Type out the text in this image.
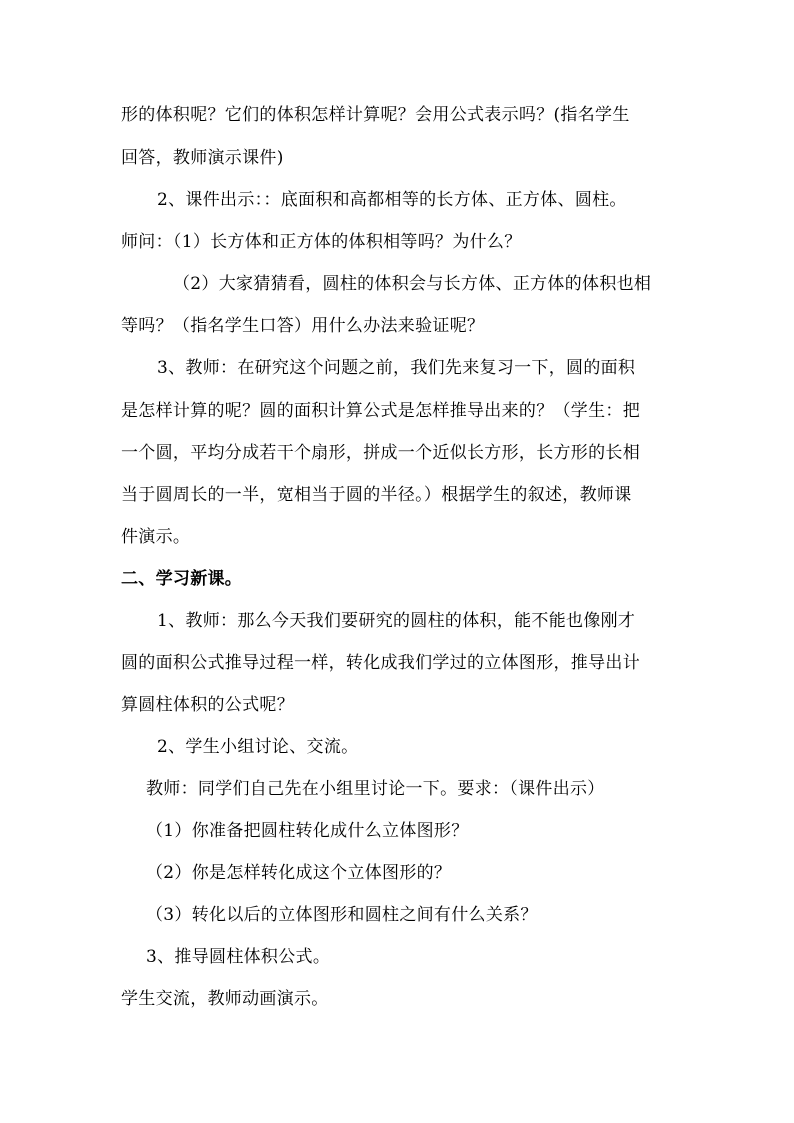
形的体积呢？它们的体积怎样计算呢？会用公式表示吗？(指名学生
回答，教师演示课件)
2、课件出示：：底面积和高都相等的长方体、正方体、圆柱。
师问：（1）长方体和正方体的体积相等吗？为什么？
（2）大家猜猜看，圆柱的体积会与长方体、正方体的体积也相
等吗？（指名学生口答）用什么办法来验证呢？
3、教师：在研究这个问题之前，我们先来复习一下，圆的面积
是怎样计算的呢？圆的面积计算公式是怎样推导出来的？（学生：把
一个圆，平均分成若干个扇形，拼成一个近似长方形，长方形的长相
当于圆周长的一半，宽相当于圆的半径。）根据学生的叙述，教师课
件演示。
二、学习新课。
1、教师：那么今天我们要研究的圆柱的体积，能不能也像刚才
圆的面积公式推导过程一样，转化成我们学过的立体图形，推导出计
算圆柱体积的公式呢？
2、学生小组讨论、交流。
教师：同学们自己先在小组里讨论一下。要求：（课件出示）
（1）你准备把圆柱转化成什么立体图形？
（2）你是怎样转化成这个立体图形的？
（3）转化以后的立体图形和圆柱之间有什么关系？
3、推导圆柱体积公式。
学生交流，教师动画演示。
